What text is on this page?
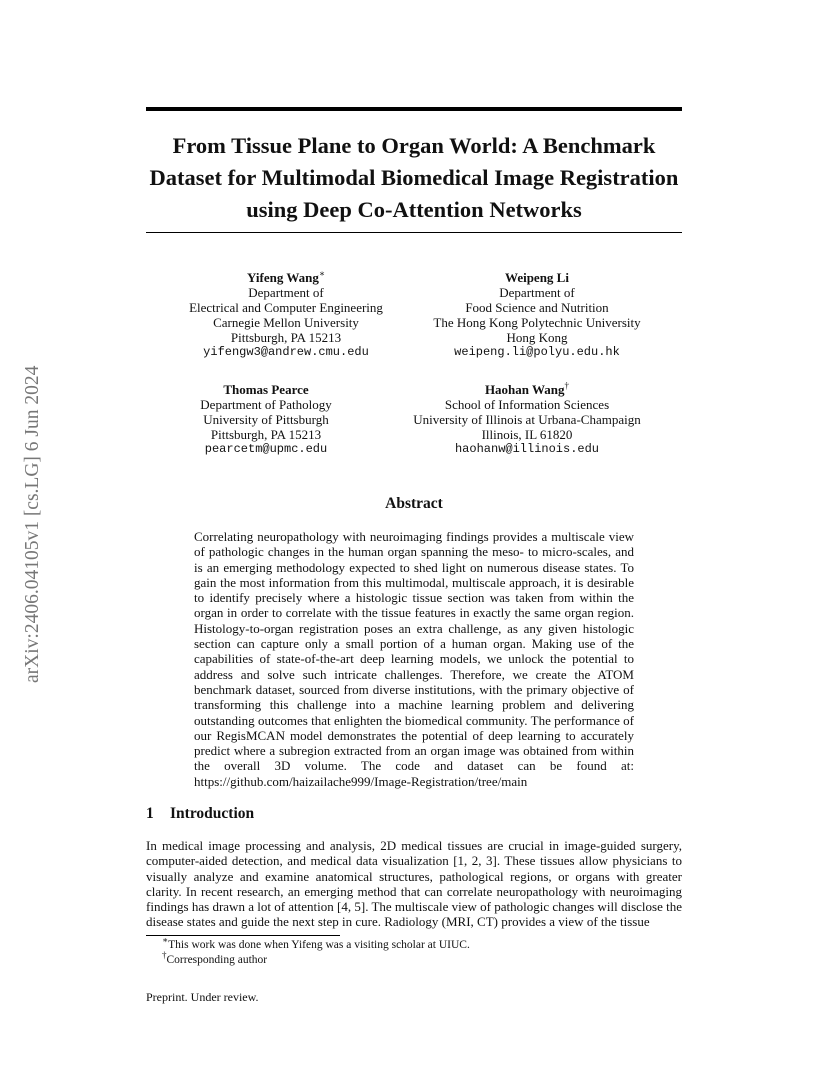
arXiv:2406.04105v1 [cs.LG] 6 Jun 2024
From Tissue Plane to Organ World: A Benchmark Dataset for Multimodal Biomedical Image Registration using Deep Co-Attention Networks
Yifeng Wang∗
Department of
Electrical and Computer Engineering
Carnegie Mellon University
Pittsburgh, PA 15213
yifengw3@andrew.cmu.edu
Weipeng Li
Department of
Food Science and Nutrition
The Hong Kong Polytechnic University
Hong Kong
weipeng.li@polyu.edu.hk
Thomas Pearce
Department of Pathology
University of Pittsburgh
Pittsburgh, PA 15213
pearcetm@upmc.edu
Haohan Wang†
School of Information Sciences
University of Illinois at Urbana-Champaign
Illinois, IL 61820
haohanw@illinois.edu
Abstract

Correlating neuropathology with neuroimaging findings provides a multiscale view of pathologic changes in the human organ spanning the meso- to micro-scales, and is an emerging methodology expected to shed light on numerous disease states. To gain the most information from this multimodal, multiscale approach, it is desirable to identify precisely where a histologic tissue section was taken from within the organ in order to correlate with the tissue features in exactly the same organ region. Histology-to-organ registration poses an extra challenge, as any given histologic section can capture only a small portion of a human organ. Making use of the capabilities of state-of-the-art deep learning models, we unlock the potential to address and solve such intricate challenges. Therefore, we create the ATOM benchmark dataset, sourced from diverse institutions, with the primary objective of transforming this challenge into a machine learning problem and delivering outstanding outcomes that enlighten the biomedical community. The performance of our RegisMCAN model demonstrates the potential of deep learning to accurately predict where a subregion extracted from an organ image was obtained from within the overall 3D volume. The code and dataset can be found at: https://github.com/haizailache999/Image-Registration/tree/main

1 Introduction

In medical image processing and analysis, 2D medical tissues are crucial in image-guided surgery, computer-aided detection, and medical data visualization [1, 2, 3]. These tissues allow physicians to visually analyze and examine anatomical structures, pathological regions, or organs with greater clarity. In recent research, an emerging method that can correlate neuropathology with neuroimaging findings has drawn a lot of attention [4, 5]. The multiscale view of pathologic changes will disclose the disease states and guide the next step in cure. Radiology (MRI, CT) provides a view of the tissue

∗This work was done when Yifeng was a visiting scholar at UIUC.
†Corresponding author
Preprint. Under review.
